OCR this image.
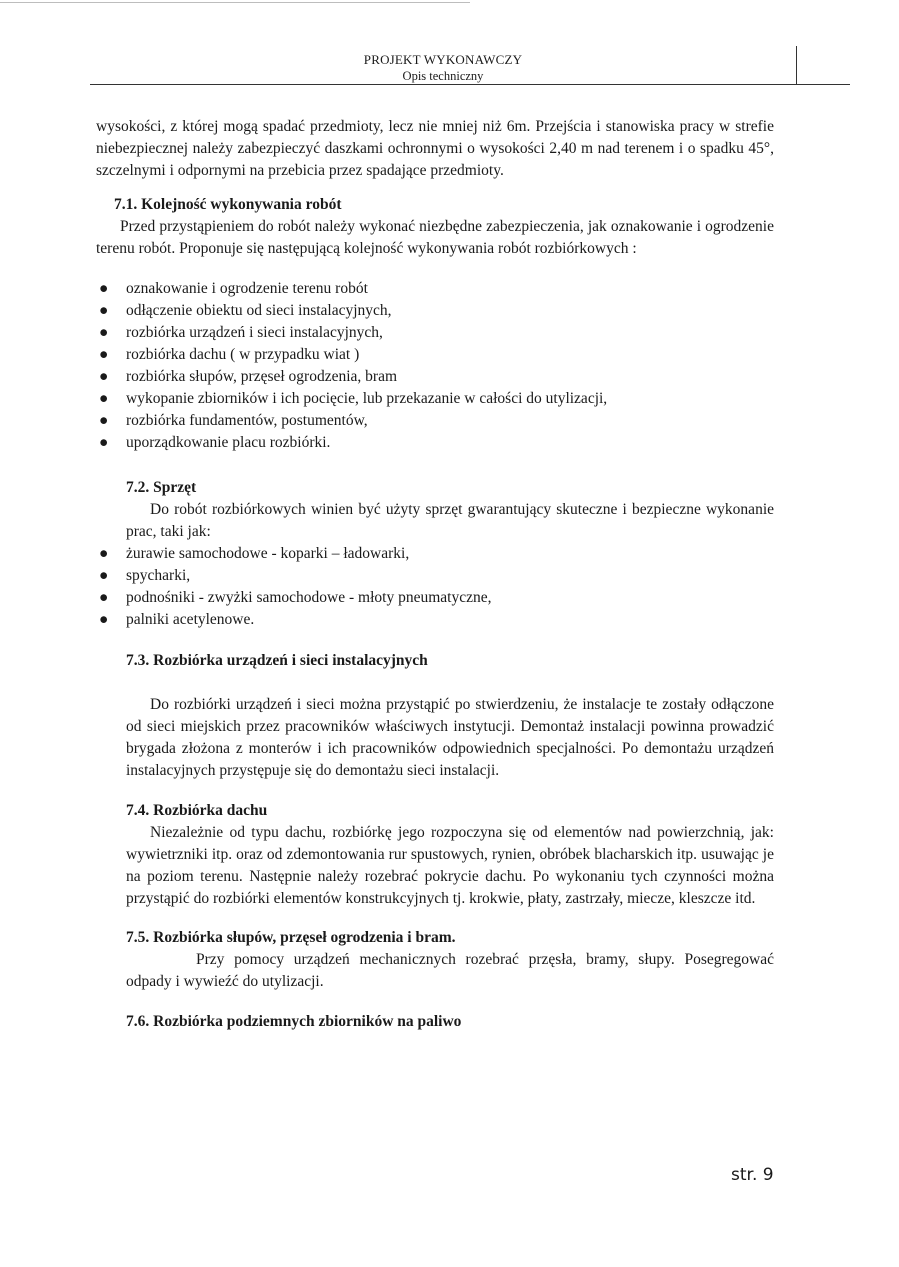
PROJEKT WYKONAWCZY
Opis techniczny

wysokości, z której mogą spadać przedmioty, lecz nie mniej niż 6m. Przejścia i stanowiska pracy w strefie niebezpiecznej należy zabezpieczyć daszkami ochronnymi o wysokości 2,40 m nad terenem i o spadku 45°, szczelnymi i odpornymi na przebicia przez spadające przedmioty.

7.1. Kolejność wykonywania robót

Przed przystąpieniem do robót należy wykonać niezbędne zabezpieczenia, jak oznakowanie i ogrodzenie terenu robót. Proponuje się następującą kolejność wykonywania robót rozbiórkowych :

● oznakowanie i ogrodzenie terenu robót
● odłączenie obiektu od sieci instalacyjnych,
● rozbiórka urządzeń i sieci instalacyjnych,
● rozbiórka dachu ( w przypadku wiat )
● rozbiórka słupów, przęseł ogrodzenia, bram
● wykopanie zbiorników i ich pocięcie, lub przekazanie w całości do utylizacji,
● rozbiórka fundamentów, postumentów,
● uporządkowanie placu rozbiórki.
7.2. Sprzęt

Do robót rozbiórkowych winien być użyty sprzęt gwarantujący skuteczne i bezpieczne wykonanie prac, taki jak:

● żurawie samochodowe - koparki – ładowarki,
● spycharki,
● podnośniki - zwyżki samochodowe - młoty pneumatyczne,
● palniki acetylenowe.
7.3. Rozbiórka urządzeń i sieci instalacyjnych

Do rozbiórki urządzeń i sieci można przystąpić po stwierdzeniu, że instalacje te zostały odłączone od sieci miejskich przez pracowników właściwych instytucji. Demontaż instalacji powinna prowadzić brygada złożona z monterów i ich pracowników odpowiednich specjalności. Po demontażu urządzeń instalacyjnych przystępuje się do demontażu sieci instalacji.

7.4. Rozbiórka dachu

Niezależnie od typu dachu, rozbiórkę jego rozpoczyna się od elementów nad powierzchnią, jak: wywietrzniki itp. oraz od zdemontowania rur spustowych, rynien, obróbek blacharskich itp. usuwając je na poziom terenu. Następnie należy rozebrać pokrycie dachu. Po wykonaniu tych czynności można przystąpić do rozbiórki elementów konstrukcyjnych tj. krokwie, płaty, zastrzały, miecze, kleszcze itd.

7.5. Rozbiórka słupów, przęseł ogrodzenia i bram.

Przy pomocy urządzeń mechanicznych rozebrać przęsła, bramy, słupy. Posegregować odpady i wywieźć do utylizacji.

7.6. Rozbiórka podziemnych zbiorników na paliwo
str. 9
